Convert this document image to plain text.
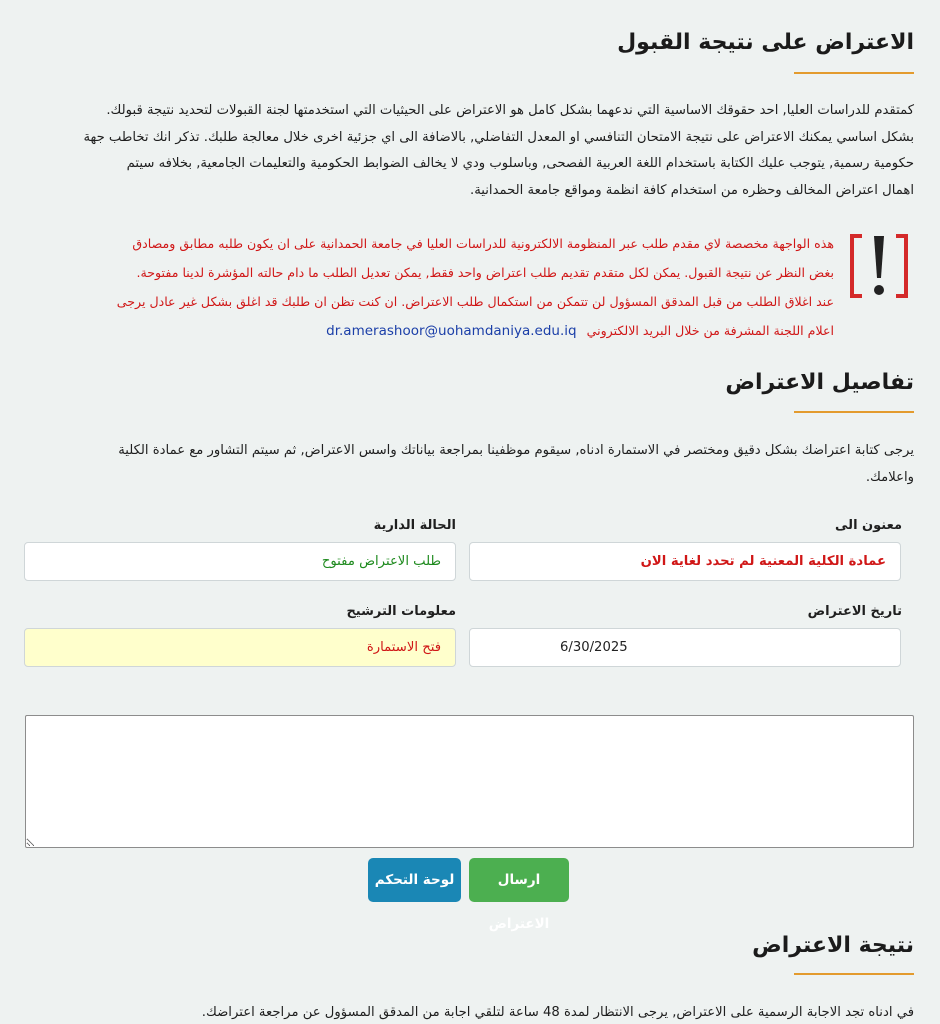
الاعتراض على نتيجة القبول
كمتقدم للدراسات العليا, احد حقوقك الاساسية التي ندعهما بشكل كامل هو الاعتراض على الحيثيات التي استخدمتها لجنة القبولات لتحديد نتيجة قبولك.
بشكل اساسي يمكنك الاعتراض على نتيجة الامتحان التنافسي او المعدل التفاضلي, بالاضافة الى اي جزئية اخرى خلال معالجة طلبك. تذكر انك تخاطب جهة
حكومية رسمية, يتوجب عليك الكتابة باستخدام اللغة العربية الفصحى, وباسلوب ودي لا يخالف الضوابط الحكومية والتعليمات الجامعية, بخلافه سيتم
اهمال اعتراض المخالف وحظره من استخدام كافة انظمة ومواقع جامعة الحمدانية.
هذه الواجهة مخصصة لاي مقدم طلب عبر المنظومة الالكترونية للدراسات العليا في جامعة الحمدانية على ان يكون طلبه مطابق ومصادق
بغض النظر عن نتيجة القبول. يمكن لكل متقدم تقديم طلب اعتراض واحد فقط, يمكن تعديل الطلب ما دام حالته المؤشرة لدينا مفتوحة.
عند اغلاق الطلب من قبل المدقق المسؤول لن تتمكن من استكمال طلب الاعتراض. ان كنت تظن ان طلبك قد اغلق بشكل غير عادل يرجى
اعلام اللجنة المشرفة من خلال البريد الالكتروني dr.amerashoor@uohamdaniya.edu.iq
تفاصيل الاعتراض
يرجى كتابة اعتراضك بشكل دقيق ومختصر في الاستمارة ادناه, سيقوم موظفينا بمراجعة بياناتك واسس الاعتراض, ثم سيتم التشاور مع عمادة الكلية
واعلامك.
معنون الى
عمادة الكلية المعنية لم تحدد لغاية الان
الحالة الدارية
طلب الاعتراض مفتوح
تاريخ الاعتراض
6/30/2025
معلومات الترشيح
فتح الاستمارة
ارسال الاعتراض
لوحة التحكم
نتيجة الاعتراض
في ادناه تجد الاجابة الرسمية على الاعتراض, يرجى الانتظار لمدة 48 ساعة لتلقي اجابة من المدقق المسؤول عن مراجعة اعتراضك.
